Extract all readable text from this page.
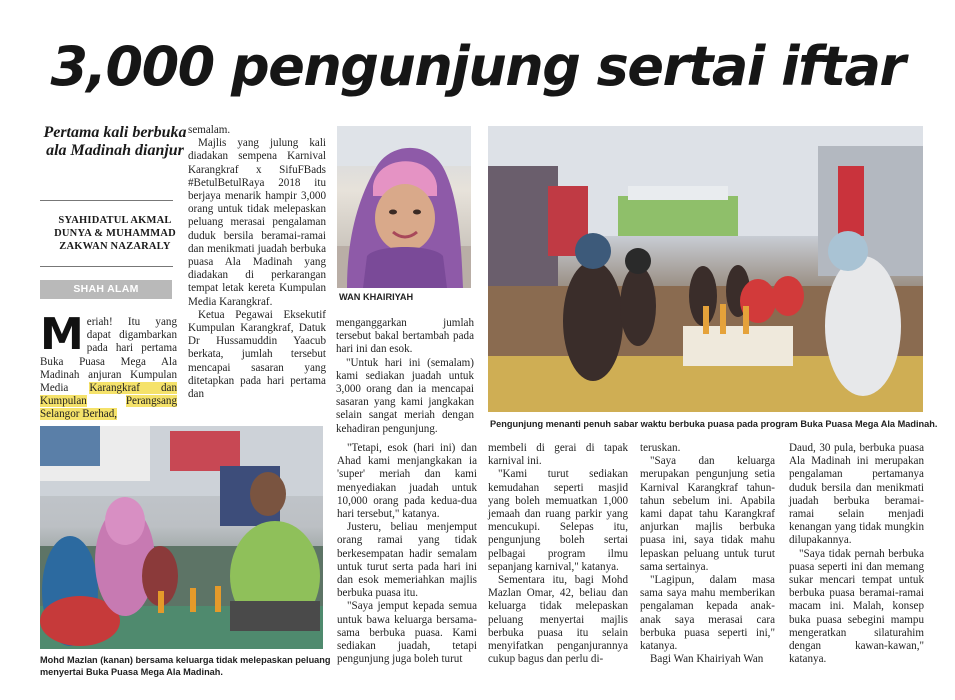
3,000 pengunjung sertai iftar
Pertama kali berbuka ala Madinah dianjur
SYAHIDATUL AKMAL
DUNYA & MUHAMMAD
ZAKWAN NAZARALY
SHAH ALAM
Meriah! Itu yang dapat digambarkan pada hari pertama Buka Puasa Mega Ala Madinah anjuran Kumpulan Media Karangkraf dan Kumpulan	Perangsang Selangor Berhad,

semalam.

Majlis yang julung kali diadakan sempena Karnival Karangkraf x SifuFBads #BetulBetulRaya 2018 itu berjaya menarik hampir 3,000 orang untuk tidak melepaskan peluang merasai pengalaman duduk bersila beramai-ramai dan menikmati juadah berbuka puasa Ala Madinah yang diadakan di perkarangan tempat letak kereta Kumpulan Media Karangkraf.

Ketua Pegawai Eksekutif Kumpulan Karangkraf, Datuk Dr Hussamuddin Yaacub berkata, jumlah tersebut mencapai sasaran yang ditetapkan pada hari pertama dan

menganggarkan jumlah tersebut bakal bertambah pada hari ini dan esok.

"Untuk hari ini (semalam) kami sediakan juadah untuk 3,000 orang dan ia mencapai sasaran yang kami jangkakan selain sangat meriah dengan kehadiran pengunjung.

"Tetapi, esok (hari ini) dan Ahad kami menjangkakan ia 'super' meriah dan kami menyediakan juadah untuk 10,000 orang pada kedua-dua hari tersebut," katanya.

Justeru, beliau menjemput orang ramai yang tidak berkesempatan hadir semalam untuk turut serta pada hari ini dan esok memeriahkan majlis berbuka puasa itu.

"Saya jemput kepada semua untuk bawa keluarga bersama-sama berbuka puasa. Kami sediakan juadah, tetapi pengunjung juga boleh turut

membeli di gerai di tapak karnival ini.

"Kami turut sediakan kemudahan seperti masjid yang boleh memuatkan 1,000 jemaah dan ruang parkir yang mencukupi. Selepas itu, pengunjung boleh sertai pelbagai program ilmu sepanjang karnival," katanya.

Sementara itu, bagi Mohd Mazlan Omar, 42, beliau dan keluarga tidak melepaskan peluang menyertai majlis berbuka puasa itu selain menyifatkan penganjurannya cukup bagus dan perlu di-

teruskan.

"Saya dan keluarga merupakan pengunjung setia Karnival Karangkraf tahun-tahun sebelum ini. Apabila kami dapat tahu Karangkraf anjurkan majlis berbuka puasa ini, saya tidak mahu lepaskan peluang untuk turut sama sertainya.

"Lagipun, dalam masa sama saya mahu memberikan pengalaman kepada anak-anak saya merasai cara berbuka puasa seperti ini," katanya.

Bagi Wan Khairiyah Wan

Daud, 30 pula, berbuka puasa Ala Madinah ini merupakan pengalaman pertamanya duduk bersila dan menikmati juadah berbuka beramai-ramai selain menjadi kenangan yang tidak mungkin dilupakannya.

"Saya tidak pernah berbuka puasa seperti ini dan memang sukar mencari tempat untuk berbuka puasa beramai-ramai macam ini. Malah, konsep buka puasa sebegini mampu mengeratkan silaturahim dengan kawan-kawan," katanya.

WAN KHAIRIYAH
Pengunjung menanti penuh sabar waktu berbuka puasa pada program Buka Puasa Mega Ala Madinah.
Mohd Mazlan (kanan) bersama keluarga tidak melepaskan peluang
menyertai Buka Puasa Mega Ala Madinah.
